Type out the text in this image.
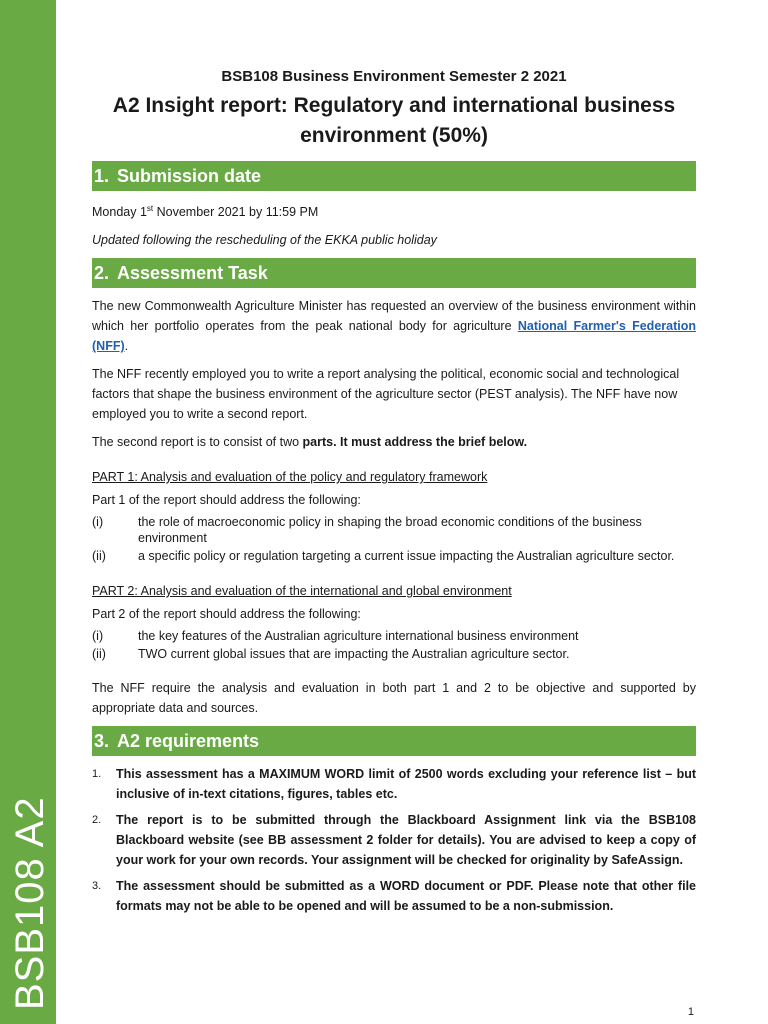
BSB108 A2
BSB108 Business Environment Semester 2 2021
A2 Insight report: Regulatory and international business
environment (50%)
1. Submission date

Monday 1st November 2021 by 11:59 PM

Updated following the rescheduling of the EKKA public holiday

2. Assessment Task

The new Commonwealth Agriculture Minister has requested an overview of the business environment within which her portfolio operates from the peak national body for agriculture National Farmer's Federation (NFF).

The NFF recently employed you to write a report analysing the political, economic social and technological factors that shape the business environment of the agriculture sector (PEST analysis). The NFF have now employed you to write a second report.

The second report is to consist of two parts. It must address the brief below.

PART 1: Analysis and evaluation of the policy and regulatory framework

Part 1 of the report should address the following:

(i)	the role of macroeconomic policy in shaping the broad economic conditions of the business environment
(ii)	a specific policy or regulation targeting a current issue impacting the Australian agriculture sector.
PART 2: Analysis and evaluation of the international and global environment

Part 2 of the report should address the following:

(i)	the key features of the Australian agriculture international business environment
(ii)	TWO current global issues that are impacting the Australian agriculture sector.

The NFF require the analysis and evaluation in both part 1 and 2 to be objective and supported by appropriate data and sources.

3. A2 requirements
1.	This assessment has a MAXIMUM WORD limit of 2500 words excluding your reference list – but inclusive of in-text citations, figures, tables etc.
2.	The report is to be submitted through the Blackboard Assignment link via the BSB108 Blackboard website (see BB assessment 2 folder for details). You are advised to keep a copy of your work for your own records. Your assignment will be checked for originality by SafeAssign.
3.	The assessment should be submitted as a WORD document or PDF. Please note that other file formats may not be able to be opened and will be assumed to be a non-submission.
1
